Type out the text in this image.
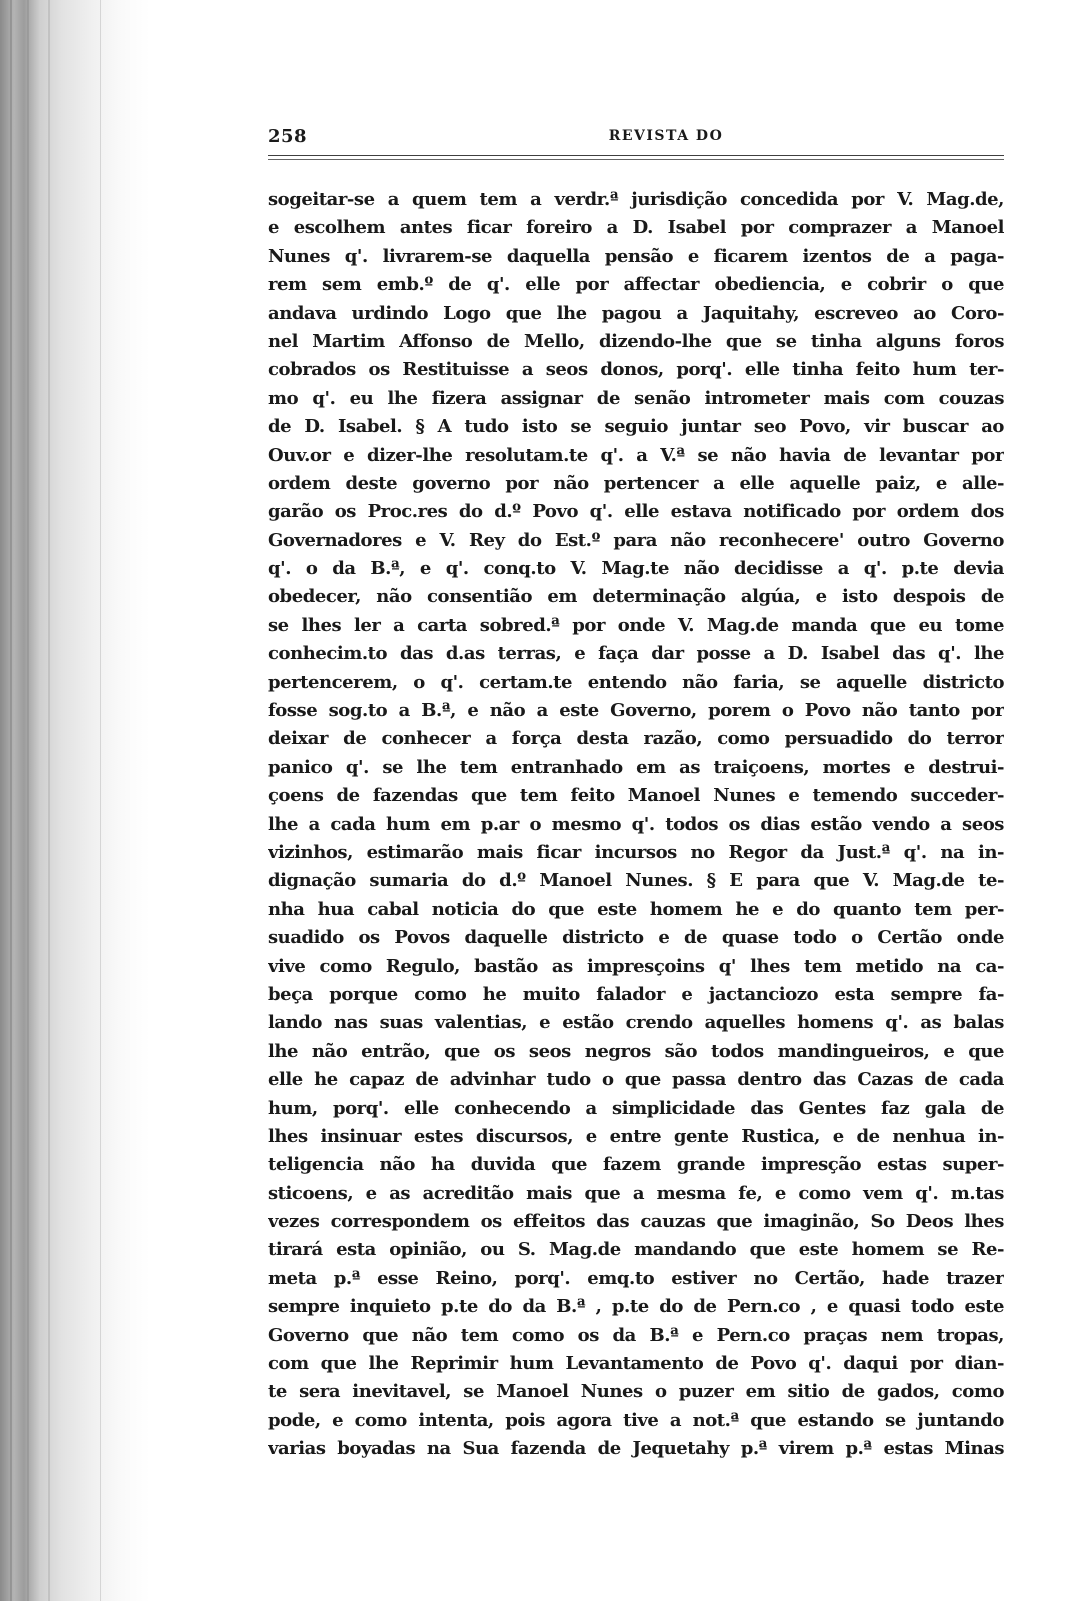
258	REVISTA DO
sogeitar-se a quem tem a verdr.ª jurisdição concedida por V. Mag.de,
e escolhem antes ficar foreiro a D. Isabel por comprazer a Manoel
Nunes q'. livrarem-se daquella pensão e ficarem izentos de a paga-
rem sem emb.º de q'. elle por affectar obediencia, e cobrir o que
andava urdindo Logo que lhe pagou a Jaquitahy, escreveo ao Coro-
nel Martim Affonso de Mello, dizendo-lhe que se tinha alguns foros
cobrados os Restituisse a seos donos, porq'. elle tinha feito hum ter-
mo q'. eu lhe fizera assignar de senão intrometer mais com couzas
de D. Isabel. § A tudo isto se seguio juntar seo Povo, vir buscar ao
Ouv.or e dizer-lhe resolutam.te q'. a V.ª se não havia de levantar por
ordem deste governo por não pertencer a elle aquelle paiz, e alle-
garão os Proc.res do d.º Povo q'. elle estava notificado por ordem dos
Governadores e V. Rey do Est.º para não reconhecere' outro Governo
q'. o da B.ª, e q'. conq.to V. Mag.te não decidisse a q'. p.te devia
obedecer, não consentião em determinação algúa, e isto despois de
se lhes ler a carta sobred.ª por onde V. Mag.de manda que eu tome
conhecim.to das d.as terras, e faça dar posse a D. Isabel das q'. lhe
pertencerem, o q'. certam.te entendo não faria, se aquelle districto
fosse sog.to a B.ª, e não a este Governo, porem o Povo não tanto por
deixar de conhecer a força desta razão, como persuadido do terror
panico q'. se lhe tem entranhado em as traiçoens, mortes e destrui-
çoens de fazendas que tem feito Manoel Nunes e temendo succeder-
lhe a cada hum em p.ar o mesmo q'. todos os dias estão vendo a seos
vizinhos, estimarão mais ficar incursos no Regor da Just.ª q'. na in-
dignação sumaria do d.º Manoel Nunes. § E para que V. Mag.de te-
nha hua cabal noticia do que este homem he e do quanto tem per-
suadido os Povos daquelle districto e de quase todo o Certão onde
vive como Regulo, bastão as impresçoins q' lhes tem metido na ca-
beça porque como he muito falador e jactanciozo esta sempre fa-
lando nas suas valentias, e estão crendo aquelles homens q'. as balas
lhe não entrão, que os seos negros são todos mandingueiros, e que
elle he capaz de advinhar tudo o que passa dentro das Cazas de cada
hum, porq'. elle conhecendo a simplicidade das Gentes faz gala de
lhes insinuar estes discursos, e entre gente Rustica, e de nenhua in-
teligencia não ha duvida que fazem grande impresção estas super-
sticoens, e as acreditão mais que a mesma fe, e como vem q'. m.tas
vezes correspondem os effeitos das cauzas que imaginão, So Deos lhes
tirará esta opinião, ou S. Mag.de mandando que este homem se Re-
meta p.ª esse Reino, porq'. emq.to estiver no Certão, hade trazer
sempre inquieto p.te do da B.ª , p.te do de Pern.co , e quasi todo este
Governo que não tem como os da B.ª e Pern.co praças nem tropas,
com que lhe Reprimir hum Levantamento de Povo q'. daqui por dian-
te sera inevitavel, se Manoel Nunes o puzer em sitio de gados, como
pode, e como intenta, pois agora tive a not.ª que estando se juntando
varias boyadas na Sua fazenda de Jequetahy p.ª virem p.ª estas Minas
